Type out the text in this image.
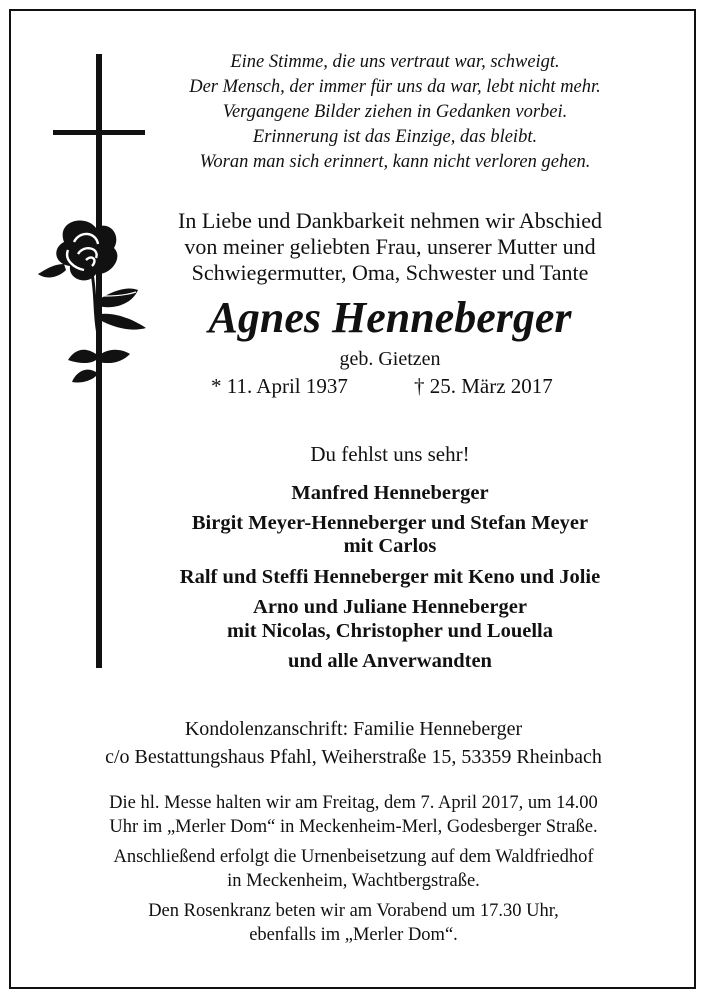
Eine Stimme, die uns vertraut war, schweigt.
Der Mensch, der immer für uns da war, lebt nicht mehr.
Vergangene Bilder ziehen in Gedanken vorbei.
Erinnerung ist das Einzige, das bleibt.
Woran man sich erinnert, kann nicht verloren gehen.
In Liebe und Dankbarkeit nehmen wir Abschied
von meiner geliebten Frau, unserer Mutter und
Schwiegermutter, Oma, Schwester und Tante
Agnes Henneberger
geb. Gietzen
* 11. April 1937	† 25. März 2017
Du fehlst uns sehr!
Manfred Henneberger
Birgit Meyer-Henneberger und Stefan Meyer
mit Carlos
Ralf und Steffi Henneberger mit Keno und Jolie
Arno und Juliane Henneberger
mit Nicolas, Christopher und Louella
und alle Anverwandten
Kondolenzanschrift: Familie Henneberger
c/o Bestattungshaus Pfahl, Weiherstraße 15, 53359 Rheinbach
Die hl. Messe halten wir am Freitag, dem 7. April 2017, um 14.00
Uhr im „Merler Dom“ in Meckenheim-Merl, Godesberger Straße.
Anschließend erfolgt die Urnenbeisetzung auf dem Waldfriedhof
in Meckenheim, Wachtbergstraße.
Den Rosenkranz beten wir am Vorabend um 17.30 Uhr,
ebenfalls im „Merler Dom“.
